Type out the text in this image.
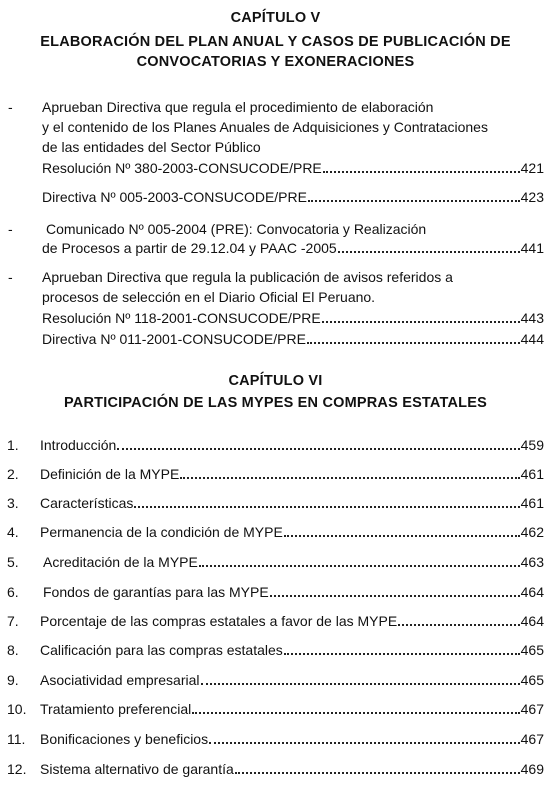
CAPÍTULO V
ELABORACIÓN DEL PLAN ANUAL Y CASOS DE PUBLICACIÓN DE
CONVOCATORIAS Y EXONERACIONES
- Aprueban Directiva que regula el procedimiento de elaboración
y el contenido de los Planes Anuales de Adquisiciones y Contrataciones
de las entidades del Sector Público
Resolución Nº 380-2003-CONSUCODE/PRE	421
Directiva Nº 005-2003-CONSUCODE/PRE	423
- Comunicado Nº 005-2004 (PRE): Convocatoria y Realización
de Procesos a partir de 29.12.04 y PAAC -2005	441
- Aprueban Directiva que regula la publicación de avisos referidos a
procesos de selección en el Diario Oficial El Peruano.
Resolución Nº 118-2001-CONSUCODE/PRE	443
Directiva Nº 011-2001-CONSUCODE/PRE	444
CAPÍTULO VI
PARTICIPACIÓN DE LAS MYPES EN COMPRAS ESTATALES
1. Introducción	459
2. Definición de la MYPE	461
3. Características	461
4. Permanencia de la condición de MYPE	462
5. Acreditación de la MYPE	463
6. Fondos de garantías para las MYPE	464
7. Porcentaje de las compras estatales a favor de las MYPE	464
8. Calificación para las compras estatales	465
9. Asociatividad empresarial	465
10. Tratamiento preferencial	467
11. Bonificaciones y beneficios	467
12. Sistema alternativo de garantía	469
